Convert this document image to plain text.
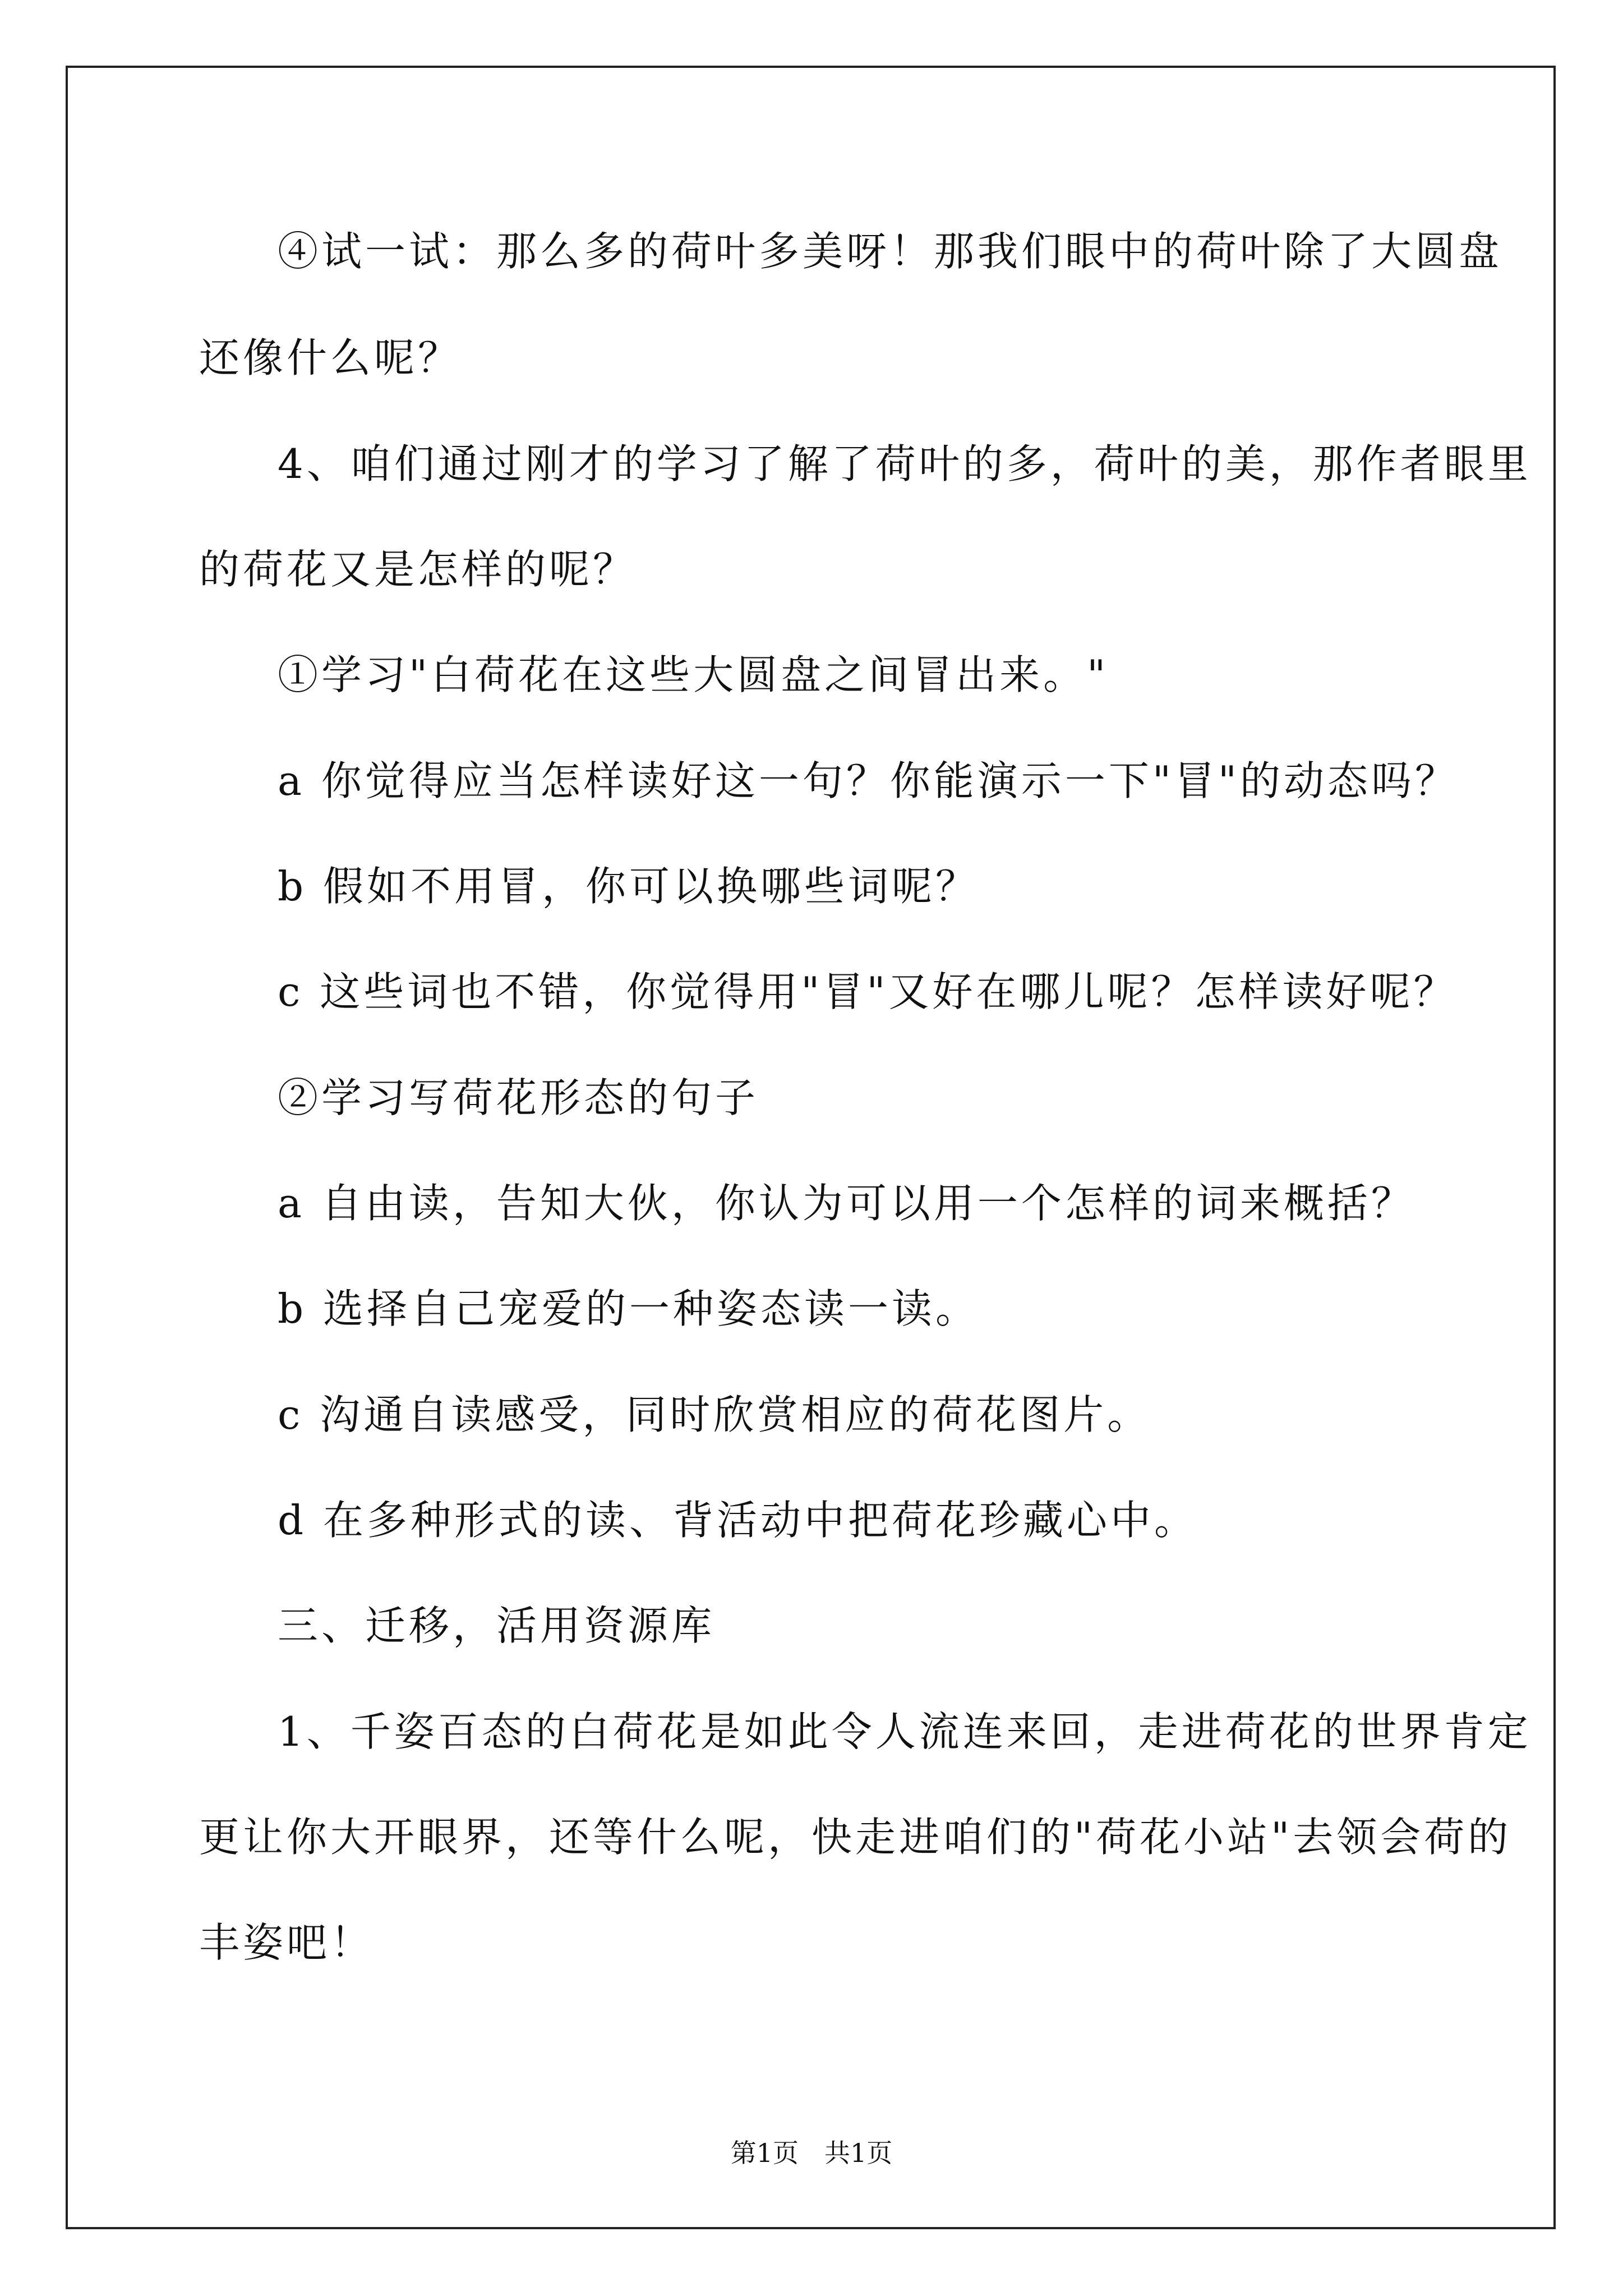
④试一试：那么多的荷叶多美呀！那我们眼中的荷叶除了大圆盘
还像什么呢？
4、咱们通过刚才的学习了解了荷叶的多，荷叶的美，那作者眼里
的荷花又是怎样的呢？
①学习"白荷花在这些大圆盘之间冒出来。"
a 你觉得应当怎样读好这一句？你能演示一下"冒"的动态吗？
b 假如不用冒，你可以换哪些词呢？
c 这些词也不错，你觉得用"冒"又好在哪儿呢？怎样读好呢？
②学习写荷花形态的句子
a 自由读，告知大伙，你认为可以用一个怎样的词来概括？
b 选择自己宠爱的一种姿态读一读。
c 沟通自读感受，同时欣赏相应的荷花图片。
d 在多种形式的读、背活动中把荷花珍藏心中。
三、迁移，活用资源库
1、千姿百态的白荷花是如此令人流连来回，走进荷花的世界肯定
更让你大开眼界，还等什么呢，快走进咱们的"荷花小站"去领会荷的
丰姿吧！
第1页　共1页
